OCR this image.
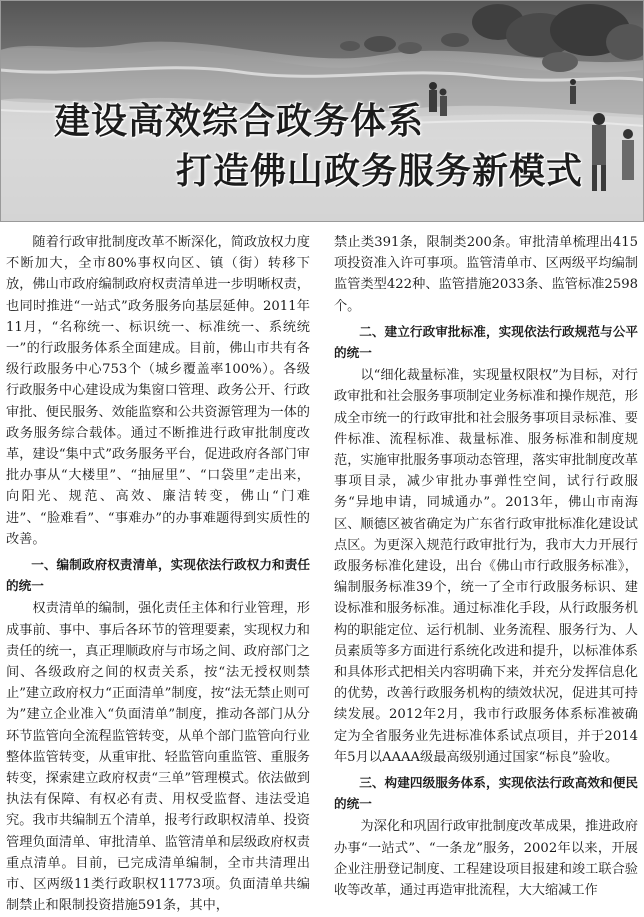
建设高效综合政务体系
打造佛山政务服务新模式

随着行政审批制度改革不断深化，简政放权力度不断加大，全市80%事权向区、镇（街）转移下放，佛山市政府编制政府权责清单进一步明晰权责，也同时推进“一站式”政务服务向基层延伸。2011年11月，“名称统一、标识统一、标准统一、系统统一”的行政服务体系全面建成。目前，佛山市共有各级行政服务中心753个（城乡覆盖率100%）。各级行政服务中心建设成为集窗口管理、政务公开、行政审批、便民服务、效能监察和公共资源管理为一体的政务服务综合载体。通过不断推进行政审批制度改革，建设“集中式”政务服务平台，促进政府各部门审批办事从“大楼里”、“抽屉里”、“口袋里”走出来，向阳光、规范、高效、廉洁转变，佛山“门难进”、“脸难看”、“事难办”的办事难题得到实质性的改善。

一、编制政府权责清单，实现依法行政权力和责任的统一

权责清单的编制，强化责任主体和行业管理，形成事前、事中、事后各环节的管理要素，实现权力和责任的统一，真正理顺政府与市场之间、政府部门之间、各级政府之间的权责关系，按“法无授权则禁止”建立政府权力“正面清单”制度，按“法无禁止则可为”建立企业准入“负面清单”制度，推动各部门从分环节监管向全流程监管转变，从单个部门监管向行业整体监管转变，从重审批、轻监管向重监管、重服务转变，探索建立政府权责“三单”管理模式。依法做到执法有保障、有权必有责、用权受监督、违法受追究。我市共编制五个清单，报考行政职权清单、投资管理负面清单、审批清单、监管清单和层级政府权责重点清单。目前，已完成清单编制，全市共清理出市、区两级11类行政职权11773项。负面清单共编制禁止和限制投资措施591条，其中，

禁止类391条，限制类200条。审批清单梳理出415项投资准入许可事项。监管清单市、区两级平均编制监管类型422种、监管措施2033条、监管标准2598个。

二、建立行政审批标准，实现依法行政规范与公平的统一

以“细化裁量标准，实现量权限权”为目标，对行政审批和社会服务事项制定业务标准和操作规范，形成全市统一的行政审批和社会服务事项目录标准、要件标准、流程标准、裁量标准、服务标准和制度规范，实施审批服务事项动态管理，落实审批制度改革事项目录，减少审批办事弹性空间，试行行政服务“异地申请，同城通办”。2013年，佛山市南海区、顺德区被省确定为广东省行政审批标准化建设试点区。为更深入规范行政审批行为，我市大力开展行政服务标准化建设，出台《佛山市行政服务标准》，编制服务标准39个，统一了全市行政服务标识、建设标准和服务标准。通过标准化手段，从行政服务机构的职能定位、运行机制、业务流程、服务行为、人员素质等多方面进行系统化改进和提升，以标准体系和具体形式把相关内容明确下来，并充分发挥信息化的优势，改善行政服务机构的绩效状况，促进其可持续发展。2012年2月，我市行政服务体系标准被确定为全省服务业先进标准体系试点项目，并于2014年5月以AAAA级最高级别通过国家“标良”验收。

三、构建四级服务体系，实现依法行政高效和便民的统一

为深化和巩固行政审批制度改革成果，推进政府办事“一站式”、“一条龙”服务，2002年以来，开展企业注册登记制度、工程建设项目报建和竣工联合验收等改革，通过再造审批流程，大大缩减工作
